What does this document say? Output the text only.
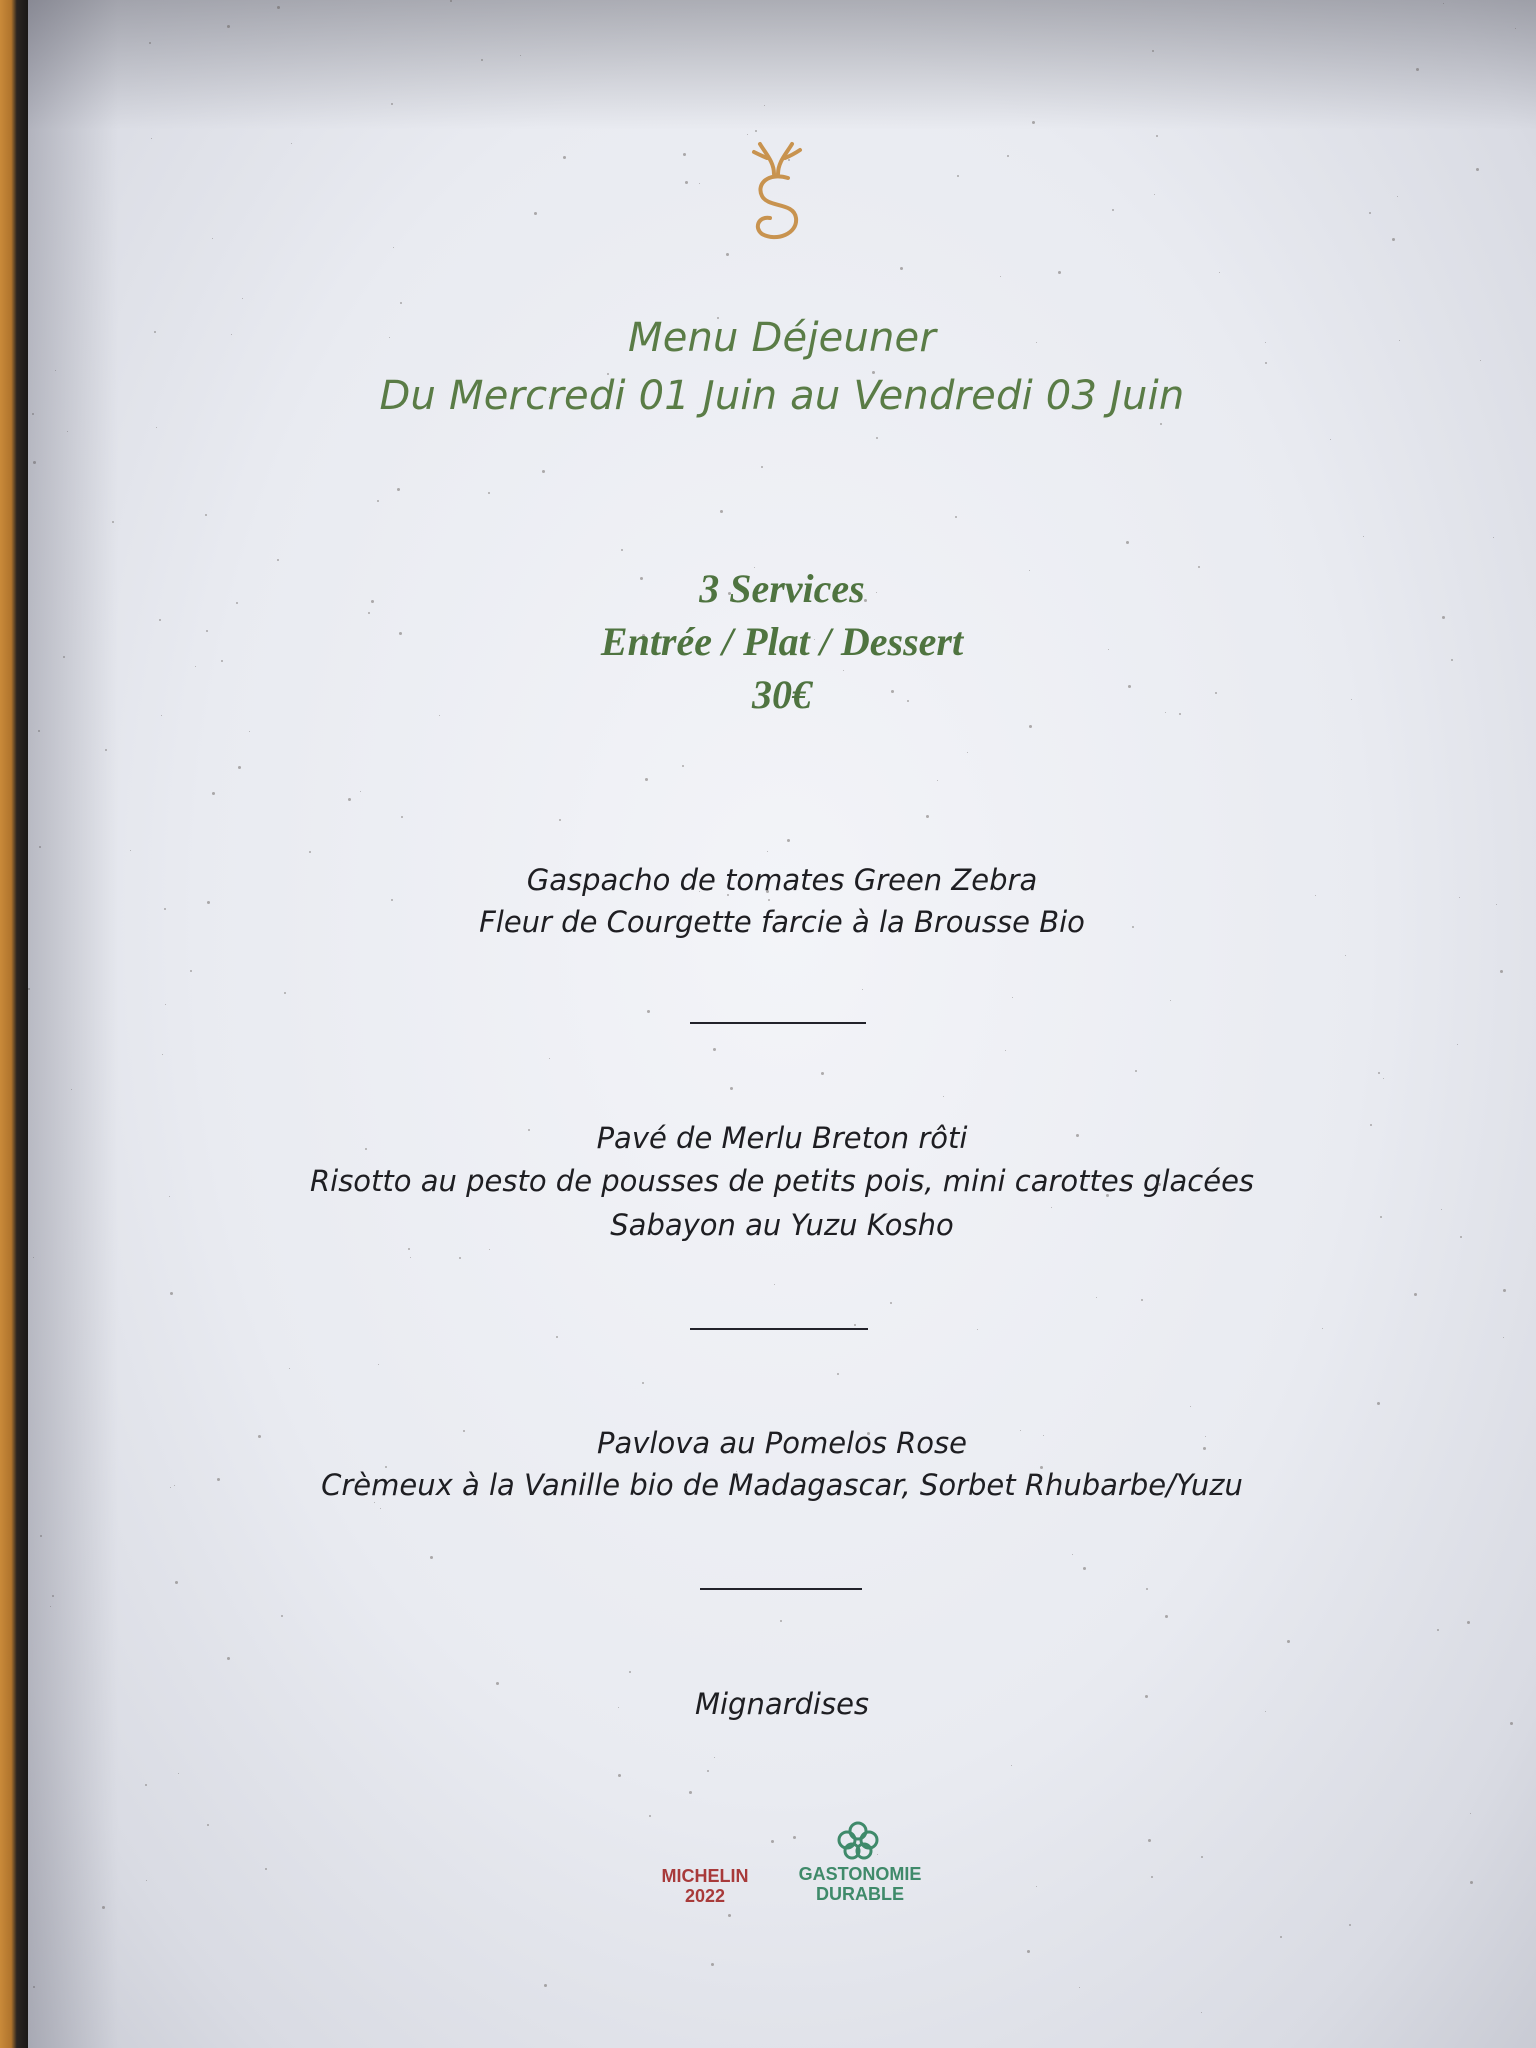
Menu Déjeuner
Du Mercredi 01 Juin au Vendredi 03 Juin
3 Services
Entrée / Plat / Dessert
30€
Gaspacho de tomates Green Zebra
Fleur de Courgette farcie à la Brousse Bio
Pavé de Merlu Breton rôti
Risotto au pesto de pousses de petits pois, mini carottes glacées
Sabayon au Yuzu Kosho
Pavlova au Pomelos Rose
Crèmeux à la Vanille bio de Madagascar, Sorbet Rhubarbe/Yuzu
Mignardises
MICHELIN
2022
GASTONOMIE
DURABLE
